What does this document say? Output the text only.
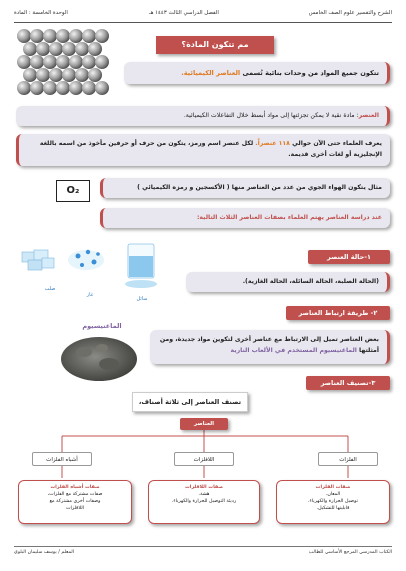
الشرح والتفسير علوم الصف الخامس
الفصل الدراسي الثالث ١٤٤٣ هـ
الوحدة الخامسة : المادة
مم تتكون المادة؟
تتكون جميع المواد من وحدات بنائية تُسمى العناصر الكيميائية.
العنصر: مادة نقية لا يمكن تجزئتها إلى مواد أبسط خلال التفاعلات الكيميائية.
يعرف العلماء حتى الآن حوالي ١١٨ عنصراً. لكل عنصر اسم ورمز، يتكون من حرف أو حرفين مأخوذ من اسمه باللغة الإنجليزية أو لغات أخرى قديمة.
O₂	مثال يتكون الهواء الجوي من عدد من العناصر منها ( الأكسجين و رمزه الكيميائي )
عند دراسة العناصر يهتم العلماء بصفات العناصر الثلاث التالية:
صلب
غاز
سائل
١-حالة العنصر
(الحالة الصلبة، الحالة السائلة، الحالة الغازية).
٢- طريقة ارتباط العناصر
الماغنيسيوم
بعض العناصر تميل إلى الارتباط مع عناصر أخرى لتكوين مواد جديدة، ومن أمثلتها الماغنيسيوم المستخدم في الألعاب النارية
٣-تصنيف العناصر
تصنف العناصر إلى ثلاثة أصناف،
العناصر
الفلزات
اللافلزات
أشباه الفلزات
صفات الفلزات
المعان.
توصيل الحرارة والكهرباء.
قابليتها للتشكيل.
صفات اللافلزات
هشة.
رديئة التوصيل للحرارة والكهرباء.
صفات أشباه الفلزات
صفات مشتركة مع الفلزات،
وصفات أخرى مشتركة مع
اللافلزات
الكتاب المدرسي المرجع الأساسي للطالب
المعلم / يوسف سليمان البلوي
